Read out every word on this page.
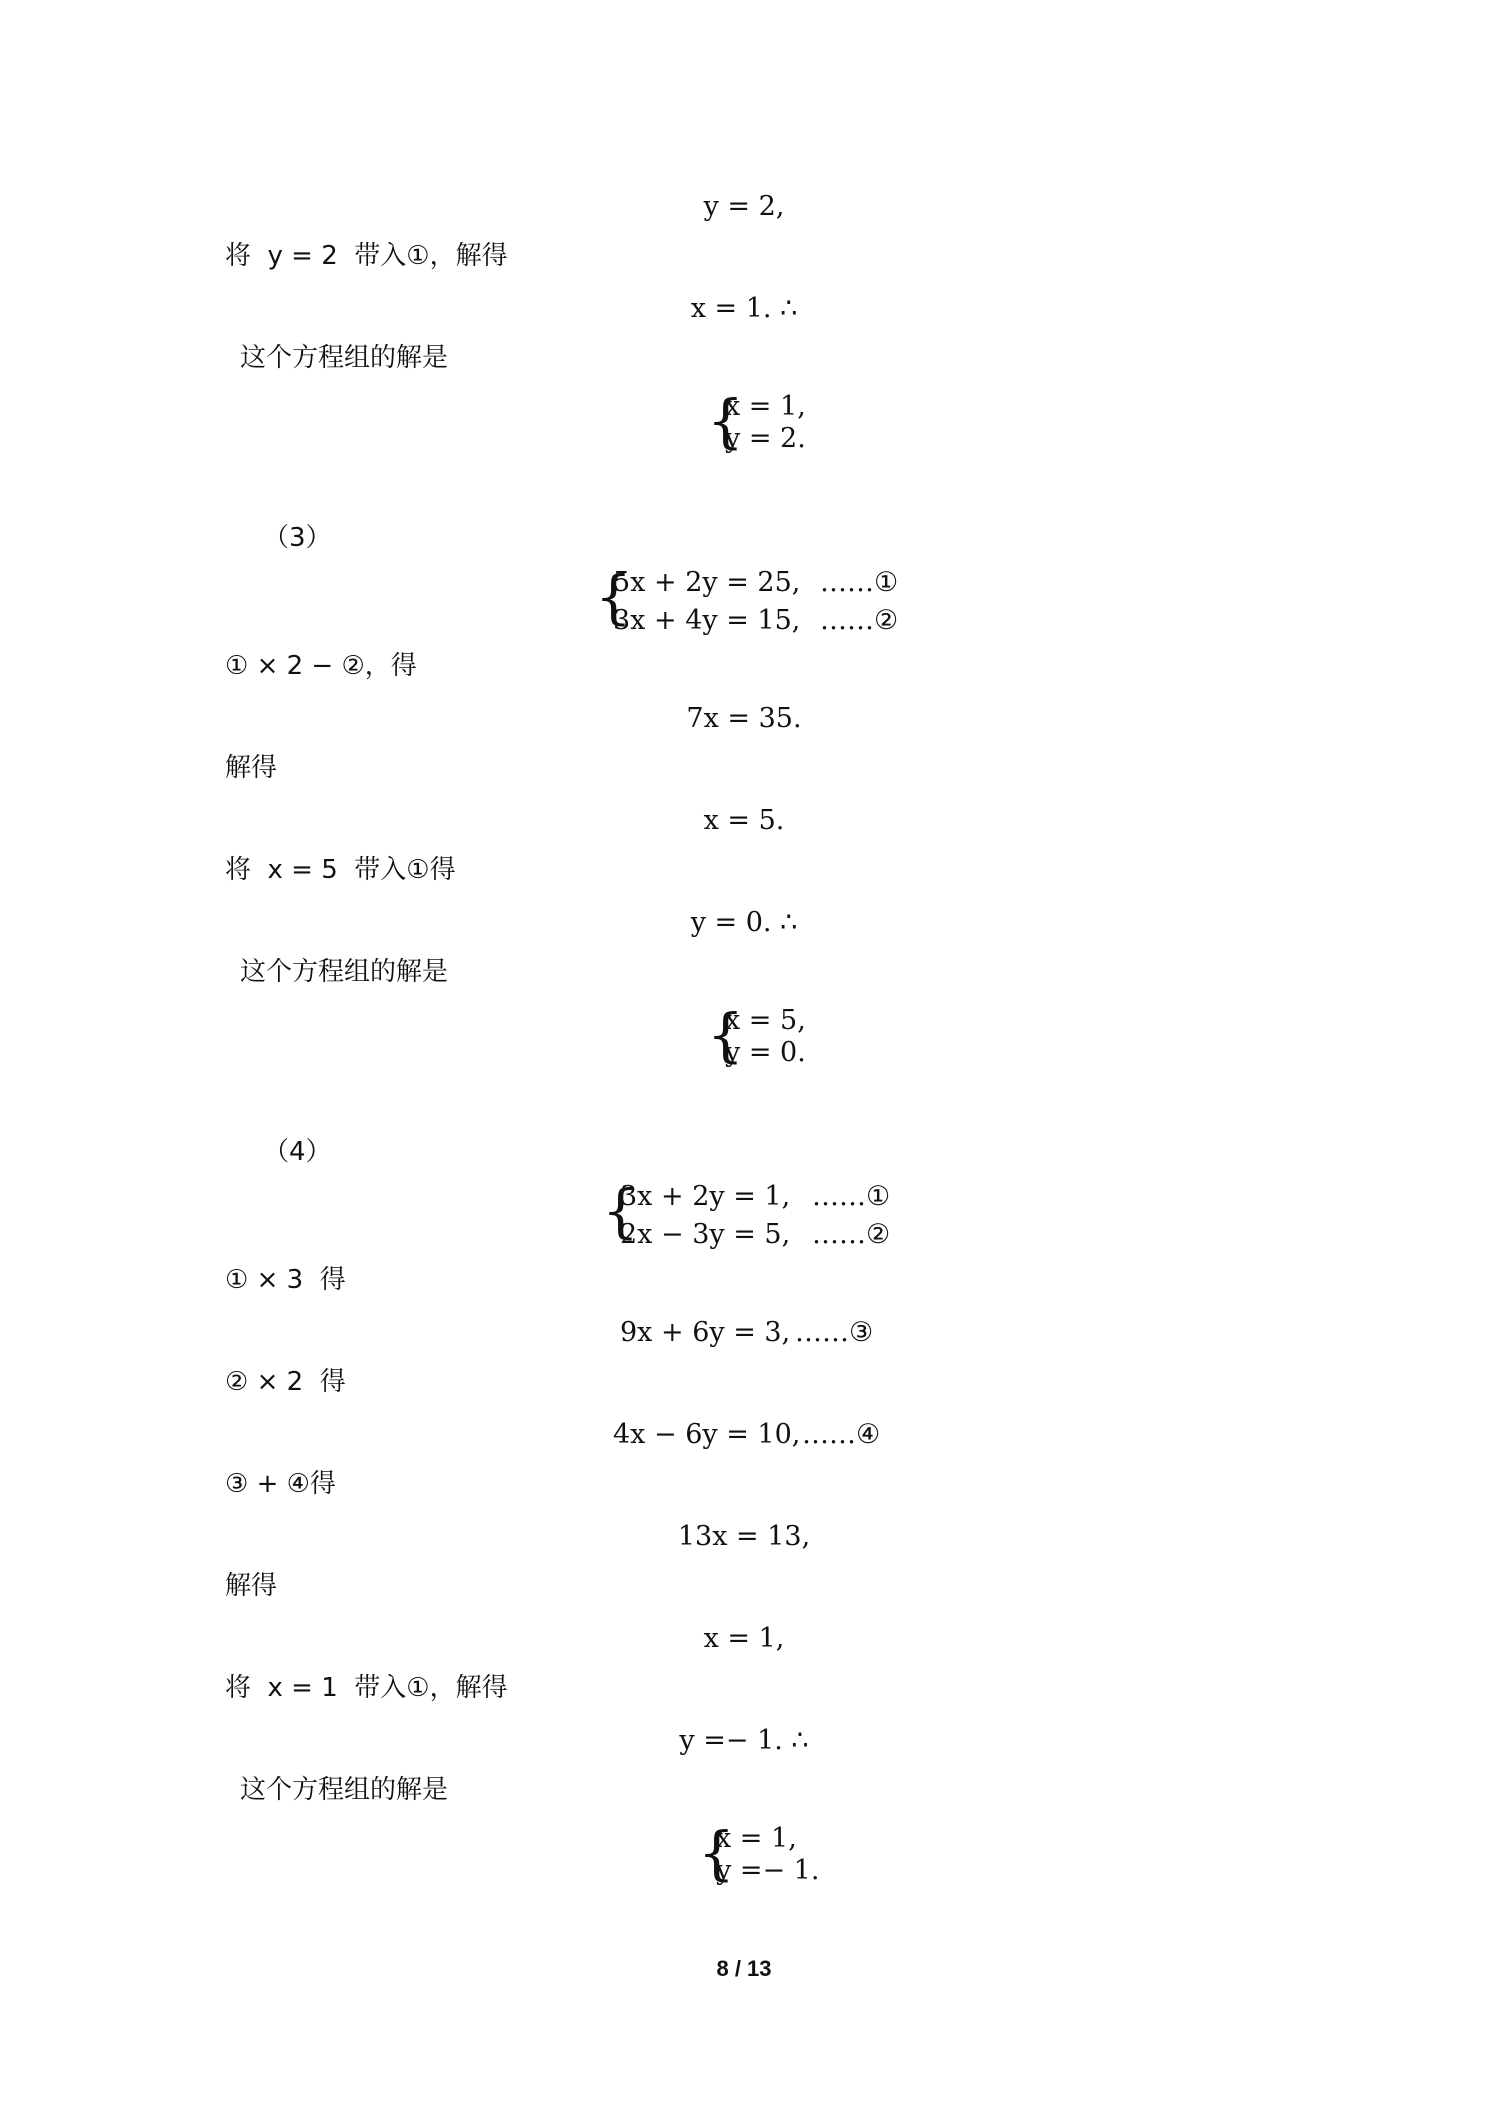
y = 2,
将  y = 2  带入①，解得
x = 1. ∴
这个方程组的解是
{
x = 1,
y = 2.
（3）
{
5x + 2y = 25,
3x + 4y = 15,
……①
……②
① × 2 − ②，得
7x = 35.
解得
x = 5.
将  x = 5  带入①得
y = 0. ∴
这个方程组的解是
{
x = 5,
y = 0.
（4）
{
3x + 2y = 1,
2x − 3y = 5,
……①
……②
① × 3  得
9x + 6y = 3, ……③
② × 2  得
4x − 6y = 10, ……④
③ + ④得
13x = 13,
解得
x = 1,
将  x = 1  带入①，解得
y =− 1. ∴
这个方程组的解是
{
x = 1,
y =− 1.
8 / 13
